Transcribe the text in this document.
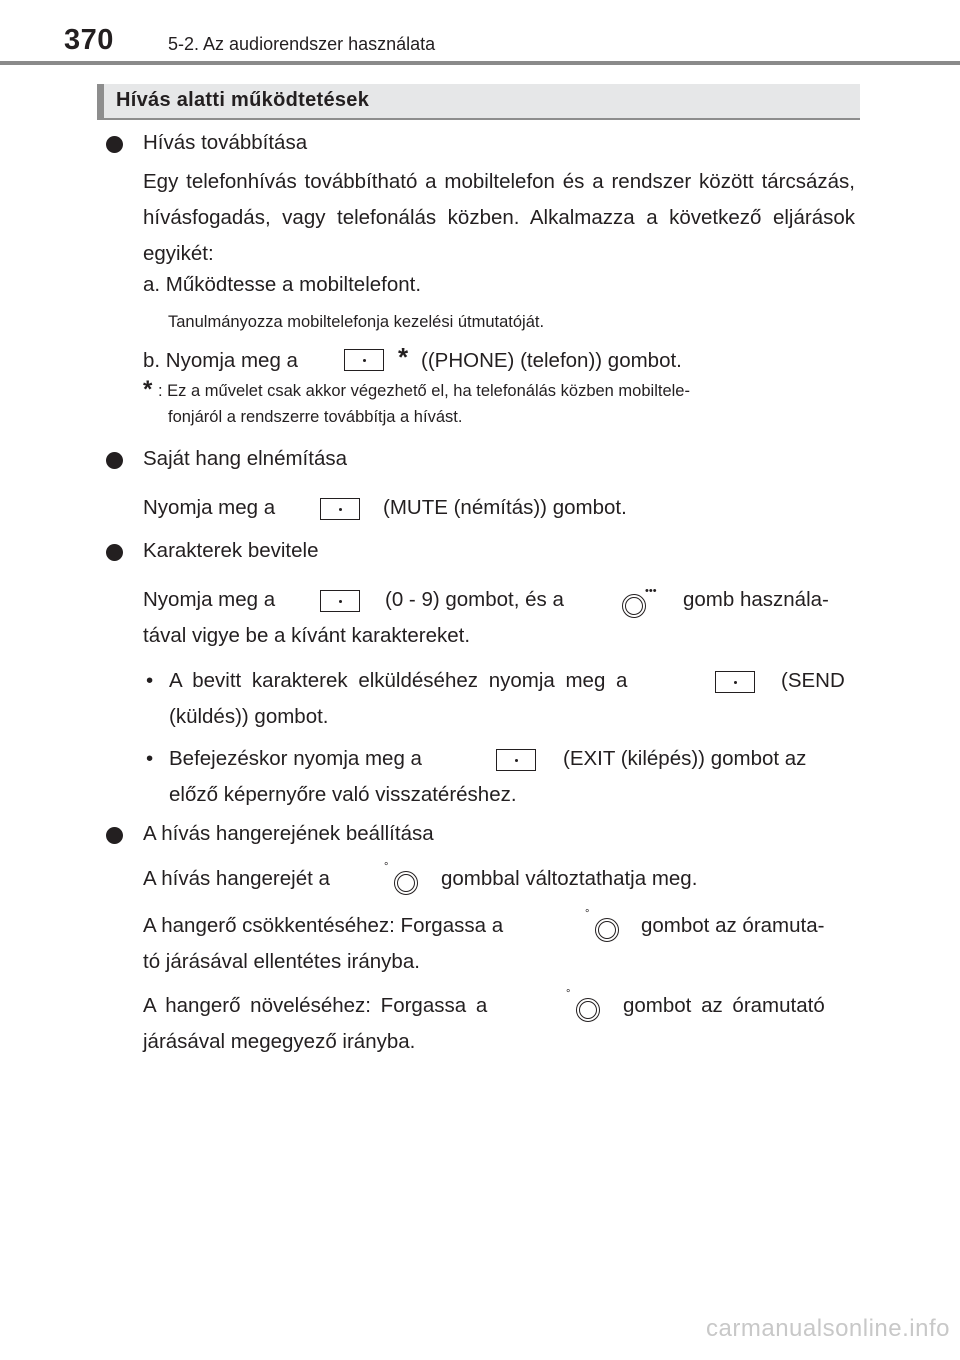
370	5-2. Az audiorendszer használata
Hívás alatti működtetések
Hívás továbbítása
Egy telefonhívás továbbítható a mobiltelefon és a rendszer között tárcsázás, hívásfogadás, vagy telefonálás közben. Alkalmazza a következő eljárások egyikét:
a. Működtesse a mobiltelefont.
Tanulmányozza mobiltelefonja kezelési útmutatóját.
b. Nyomja meg a	* ((PHONE) (telefon)) gombot.
* : Ez a művelet csak akkor végezhető el, ha telefonálás közben mobiltele-
fonjáról a rendszerre továbbítja a hívást.
Saját hang elnémítása
Nyomja meg a	(MUTE (némítás)) gombot.
Karakterek bevitele
Nyomja meg a	(0 - 9) gombot, és a	••• gomb használa-
tával vigye be a kívánt karaktereket.
• A bevitt karakterek elküldéséhez nyomja meg a	(SEND
(küldés)) gombot.
• Befejezéskor nyomja meg a	(EXIT (kilépés)) gombot az
előző képernyőre való visszatéréshez.
A hívás hangerejének beállítása
A hívás hangerejét a	°	gombbal változtathatja meg.
A hangerő csökkentéséhez: Forgassa a	°	gombot az óramuta-
tó járásával ellentétes irányba.
A hangerő növeléséhez: Forgassa a	°	gombot az óramutató
járásával megegyező irányba.
carmanualsonline.info
